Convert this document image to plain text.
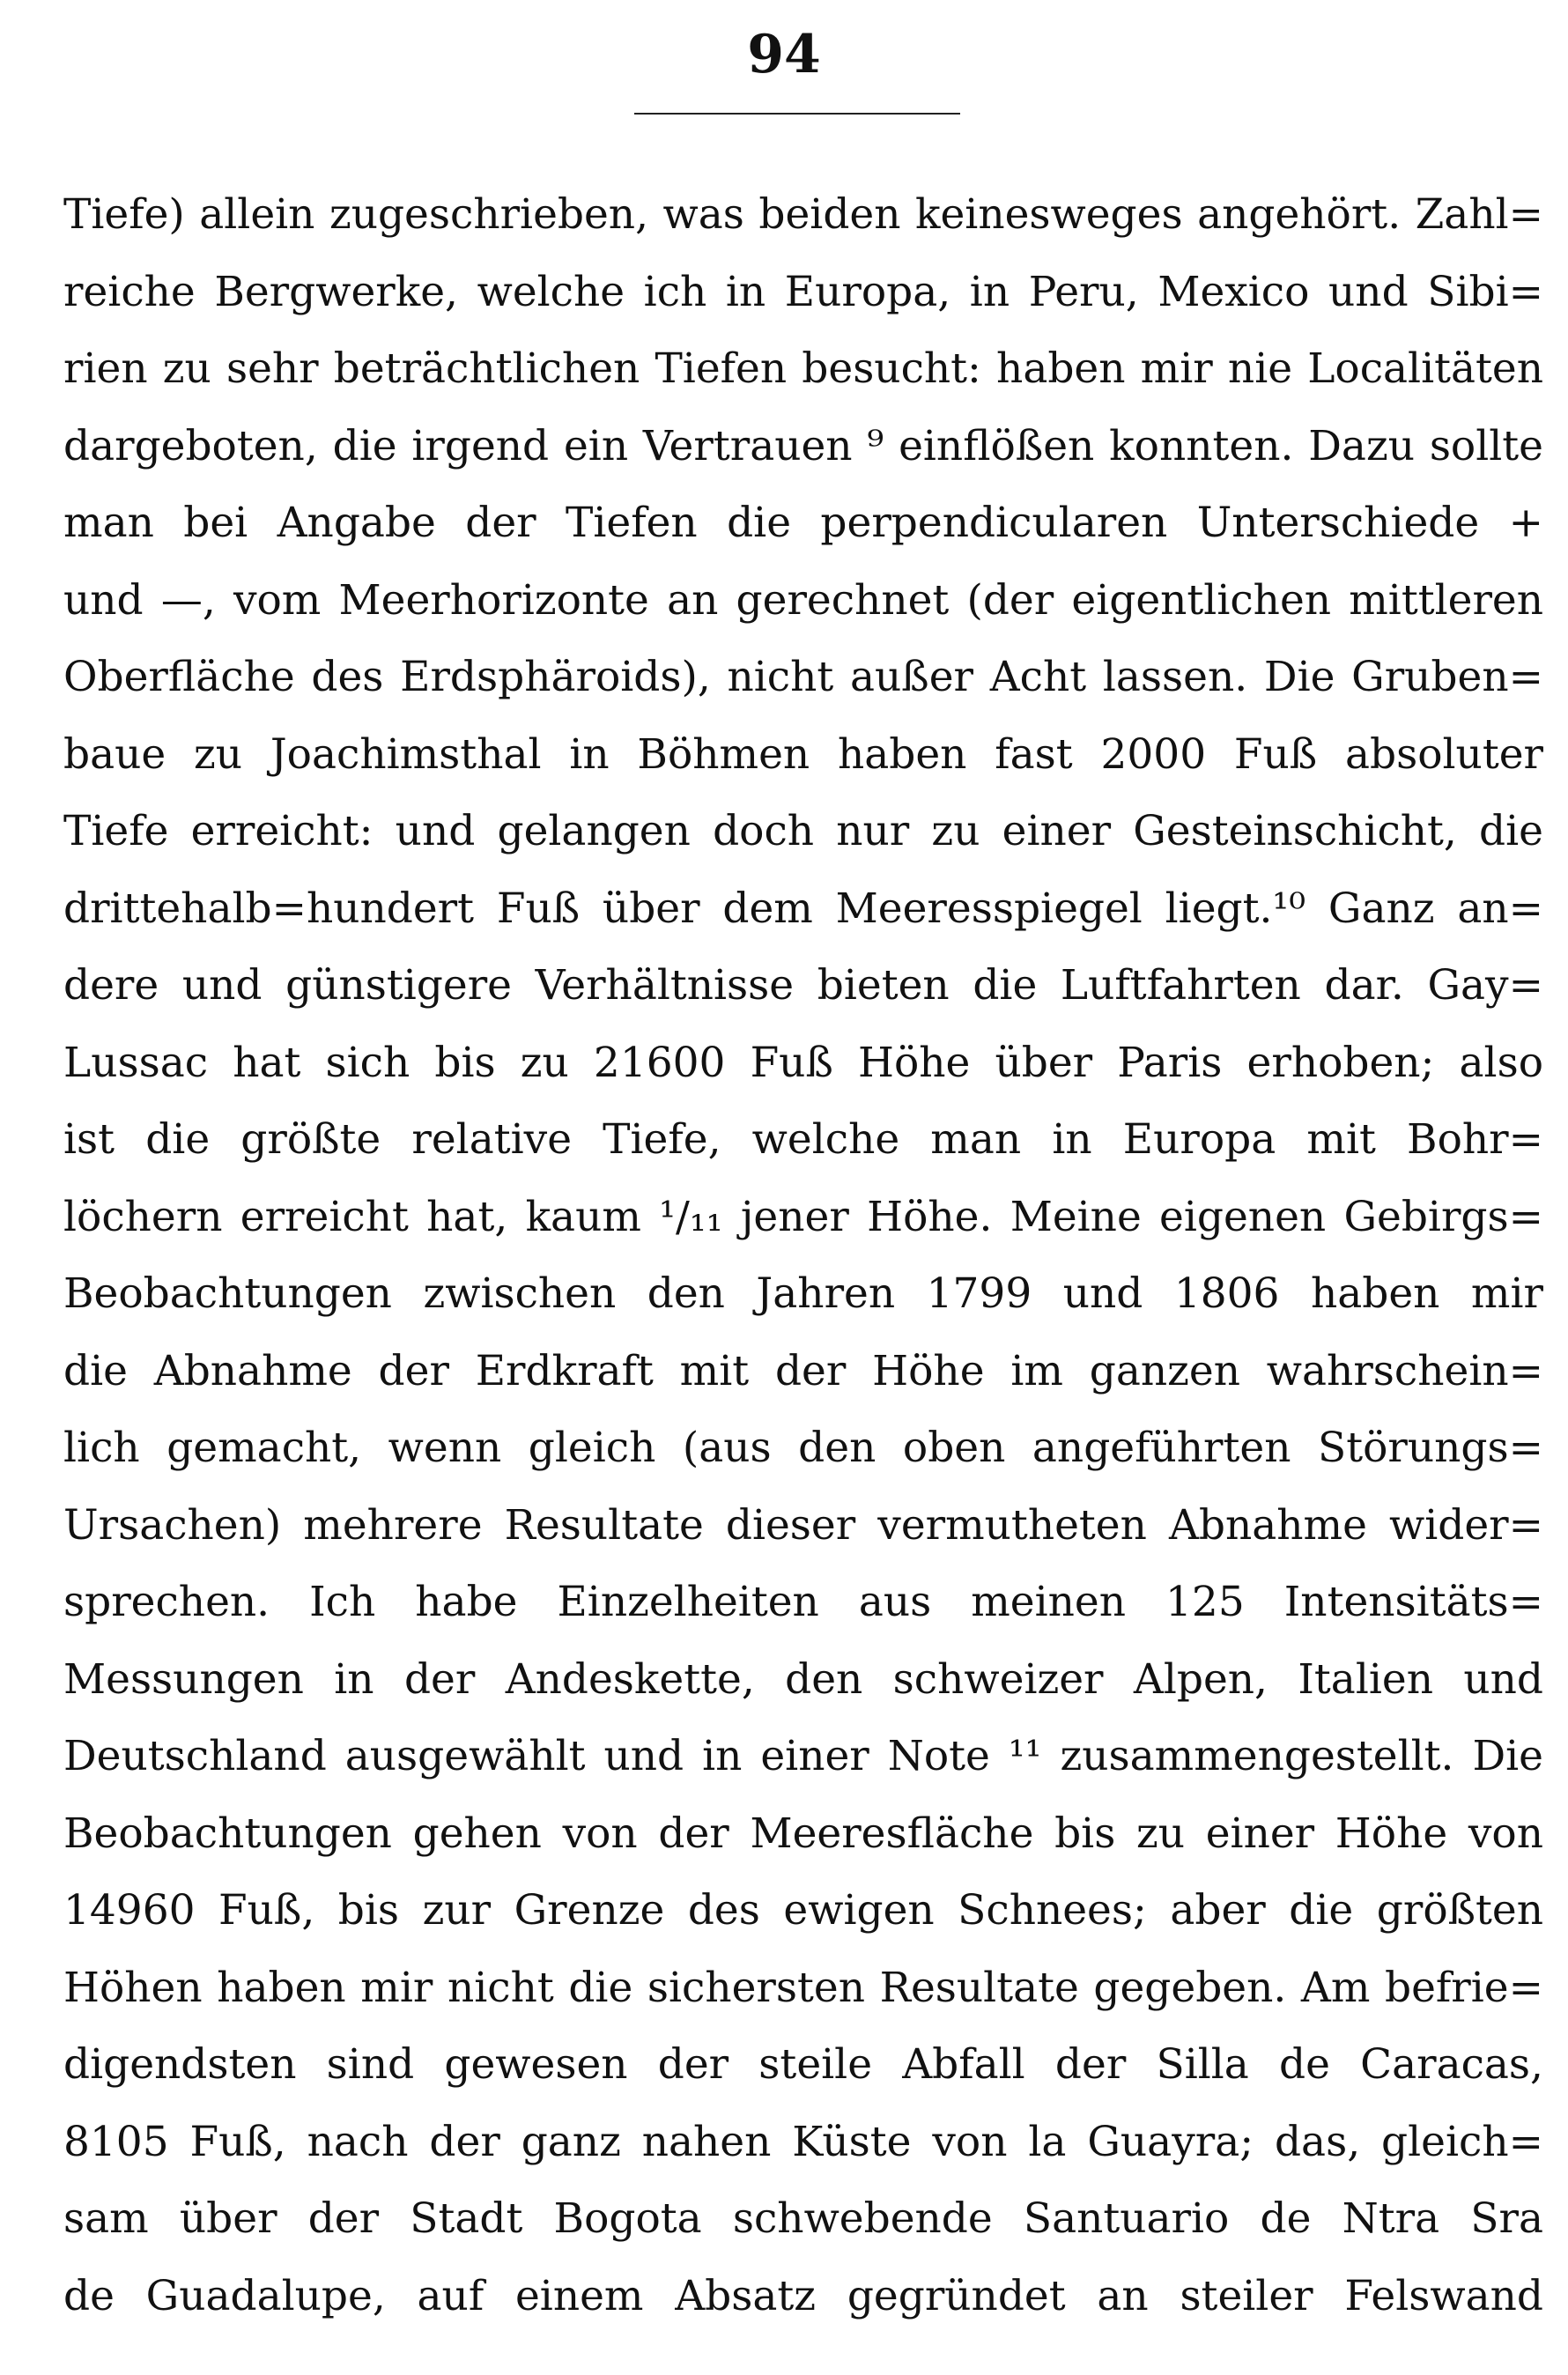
94
Tiefe) allein zugeschrieben, was beiden keinesweges angehört. Zahl=
reiche Bergwerke, welche ich in Europa, in Peru, Mexico und Sibi=
rien zu sehr beträchtlichen Tiefen besucht: haben mir nie Localitäten
dargeboten, die irgend ein Vertrauen ⁹ einflößen konnten. Dazu sollte
man bei Angabe der Tiefen die perpendicularen Unterschiede +
und —, vom Meerhorizonte an gerechnet (der eigentlichen mittleren
Oberfläche des Erdsphäroids), nicht außer Acht lassen. Die Gruben=
baue zu Joachimsthal in Böhmen haben fast 2000 Fuß absoluter
Tiefe erreicht: und gelangen doch nur zu einer Gesteinschicht, die
drittehalb=hundert Fuß über dem Meeresspiegel liegt.¹⁰ Ganz an=
dere und günstigere Verhältnisse bieten die Luftfahrten dar. Gay=
Lussac hat sich bis zu 21600 Fuß Höhe über Paris erhoben; also
ist die größte relative Tiefe, welche man in Europa mit Bohr=
löchern erreicht hat, kaum ¹/₁₁ jener Höhe. Meine eigenen Gebirgs=
Beobachtungen zwischen den Jahren 1799 und 1806 haben mir
die Abnahme der Erdkraft mit der Höhe im ganzen wahrschein=
lich gemacht, wenn gleich (aus den oben angeführten Störungs=
Ursachen) mehrere Resultate dieser vermutheten Abnahme wider=
sprechen. Ich habe Einzelheiten aus meinen 125 Intensitäts=
Messungen in der Andeskette, den schweizer Alpen, Italien und
Deutschland ausgewählt und in einer Note ¹¹ zusammengestellt. Die
Beobachtungen gehen von der Meeresfläche bis zu einer Höhe von
14960 Fuß, bis zur Grenze des ewigen Schnees; aber die größten
Höhen haben mir nicht die sichersten Resultate gegeben. Am befrie=
digendsten sind gewesen der steile Abfall der Silla de Caracas,
8105 Fuß, nach der ganz nahen Küste von la Guayra; das, gleich=
sam über der Stadt Bogota schwebende Santuario de Ntra Sra
de Guadalupe, auf einem Absatz gegründet an steiler Felswand
